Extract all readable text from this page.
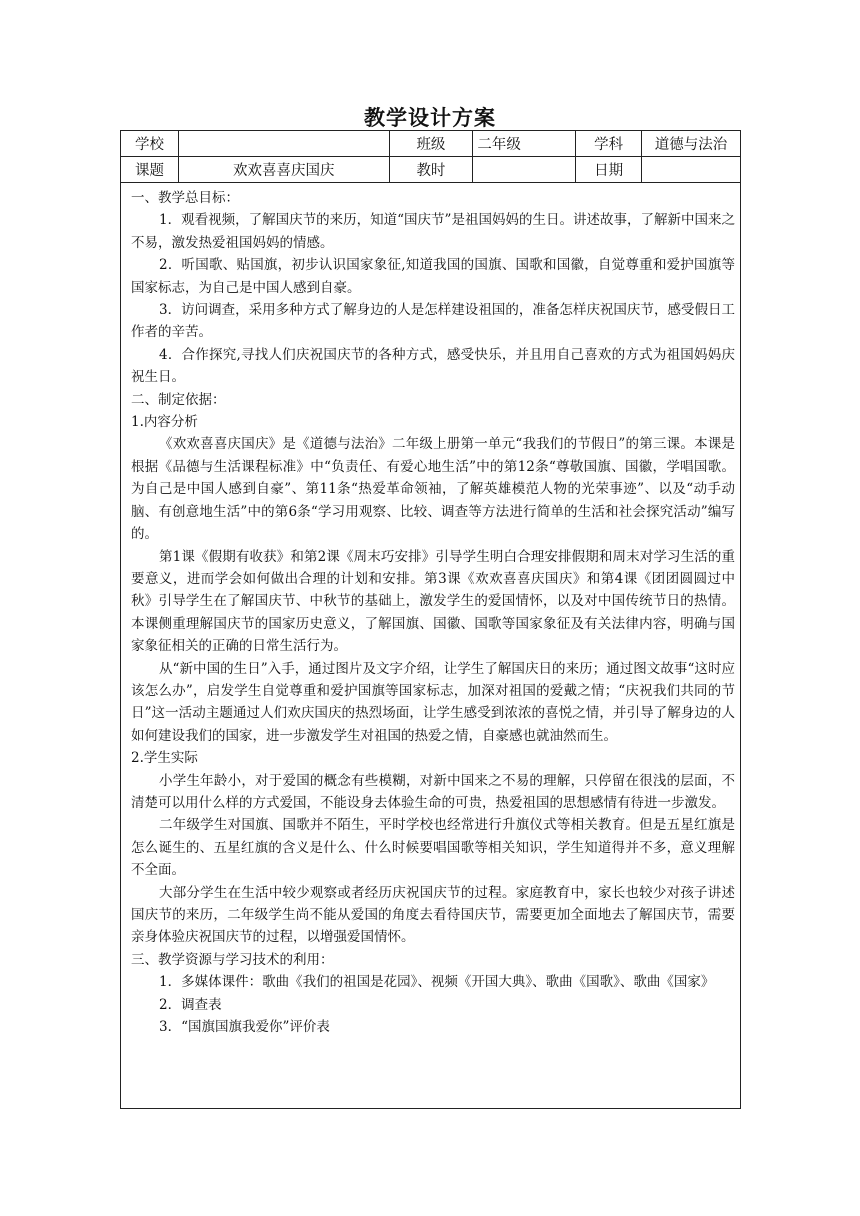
教学设计方案
学校		班级	二年级	学科	道德与法治
课题	欢欢喜喜庆国庆	教时		日期	

一、教学总目标：

1．观看视频，了解国庆节的来历，知道“国庆节”是祖国妈妈的生日。讲述故事，了解新中国来之不易，激发热爱祖国妈妈的情感。

2．听国歌、贴国旗，初步认识国家象征,知道我国的国旗、国歌和国徽，自觉尊重和爱护国旗等国家标志，为自己是中国人感到自豪。

3．访问调查，采用多种方式了解身边的人是怎样建设祖国的，准备怎样庆祝国庆节，感受假日工作者的辛苦。

4．合作探究,寻找人们庆祝国庆节的各种方式，感受快乐，并且用自己喜欢的方式为祖国妈妈庆祝生日。

二、制定依据：

1.内容分析

《欢欢喜喜庆国庆》是《道德与法治》二年级上册第一单元“我我们的节假日”的第三课。本课是根据《品德与生活课程标准》中“负责任、有爱心地生活”中的第12条“尊敬国旗、国徽，学唱国歌。为自己是中国人感到自豪”、第11条“热爱革命领袖，了解英雄模范人物的光荣事迹”、以及“动手动脑、有创意地生活”中的第6条“学习用观察、比较、调查等方法进行简单的生活和社会探究活动”编写的。

第1课《假期有收获》和第2课《周末巧安排》引导学生明白合理安排假期和周末对学习生活的重要意义，进而学会如何做出合理的计划和安排。第3课《欢欢喜喜庆国庆》和第4课《团团圆圆过中秋》引导学生在了解国庆节、中秋节的基础上，激发学生的爱国情怀，以及对中国传统节日的热情。本课侧重理解国庆节的国家历史意义，了解国旗、国徽、国歌等国家象征及有关法律内容，明确与国家象征相关的正确的日常生活行为。

从“新中国的生日”入手，通过图片及文字介绍，让学生了解国庆日的来历；通过图文故事“这时应该怎么办”，启发学生自觉尊重和爱护国旗等国家标志，加深对祖国的爱戴之情；“庆祝我们共同的节日”这一活动主题通过人们欢庆国庆的热烈场面，让学生感受到浓浓的喜悦之情，并引导了解身边的人如何建设我们的国家，进一步激发学生对祖国的热爱之情，自豪感也就油然而生。

2.学生实际

小学生年龄小，对于爱国的概念有些模糊，对新中国来之不易的理解，只停留在很浅的层面，不清楚可以用什么样的方式爱国，不能设身去体验生命的可贵，热爱祖国的思想感情有待进一步激发。

二年级学生对国旗、国歌并不陌生，平时学校也经常进行升旗仪式等相关教育。但是五星红旗是怎么诞生的、五星红旗的含义是什么、什么时候要唱国歌等相关知识，学生知道得并不多，意义理解不全面。

大部分学生在生活中较少观察或者经历庆祝国庆节的过程。家庭教育中，家长也较少对孩子讲述国庆节的来历，二年级学生尚不能从爱国的角度去看待国庆节，需要更加全面地去了解国庆节，需要亲身体验庆祝国庆节的过程，以增强爱国情怀。

三、教学资源与学习技术的利用：

1．多媒体课件：歌曲《我们的祖国是花园》、视频《开国大典》、歌曲《国歌》、歌曲《国家》

2．调查表

3．“国旗国旗我爱你”评价表
